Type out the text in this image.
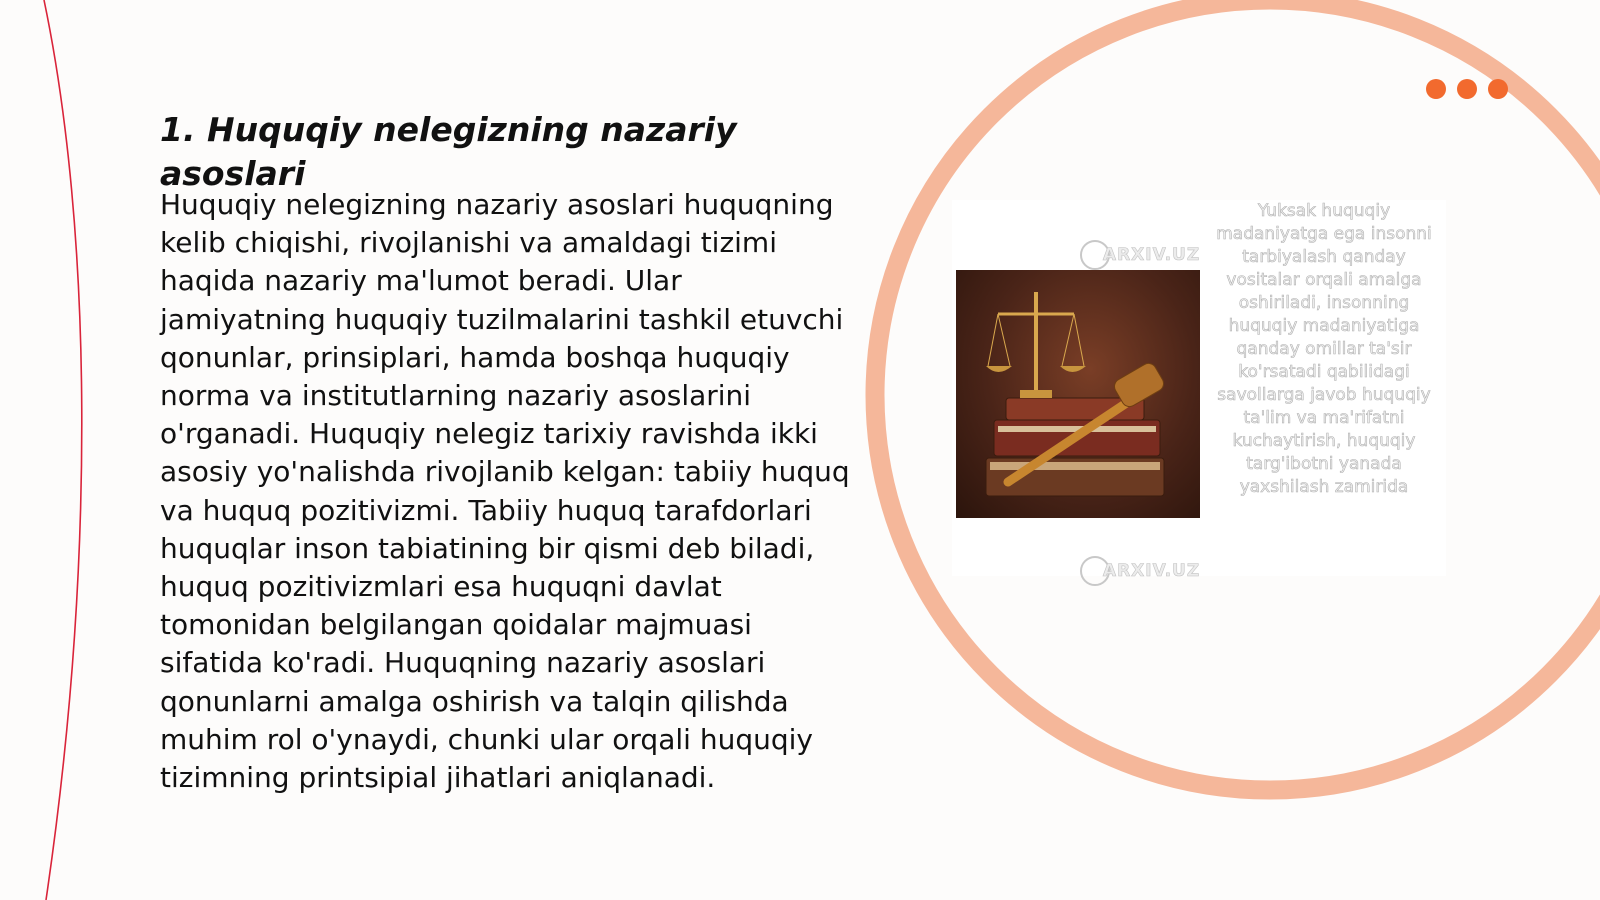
1. Huquqiy nelegizning nazariy asoslari

Huquqiy nelegizning nazariy asoslari huquqning kelib chiqishi, rivojlanishi va amaldagi tizimi haqida nazariy ma'lumot beradi. Ular jamiyatning huquqiy tuzilmalarini tashkil etuvchi qonunlar, prinsiplari, hamda boshqa huquqiy norma va institutlarning nazariy asoslarini o'rganadi. Huquqiy nelegiz tarixiy ravishda ikki asosiy yo'nalishda rivojlanib kelgan: tabiiy huquq va huquq pozitivizmi. Tabiiy huquq tarafdorlari huquqlar inson tabiatining bir qismi deb biladi, huquq pozitivizmlari esa huquqni davlat tomonidan belgilangan qoidalar majmuasi sifatida ko'radi. Huquqning nazariy asoslari qonunlarni amalga oshirish va talqin qilishda muhim rol o'ynaydi, chunki ular orqali huquqiy tizimning printsipial jihatlari aniqlanadi.

Yuksak huquqiy madaniyatga ega insonni tarbiyalash qanday vositalar orqali amalga oshiriladi, insonning huquqiy madaniyatiga qanday omillar ta'sir ko'rsatadi qabilidagi savollarga javob huquqiy ta'lim va ma'rifatni kuchaytirish, huquqiy targ'ibotni yanada yaxshilash zamirida

ARXIV.UZ
ARXIV.UZ
